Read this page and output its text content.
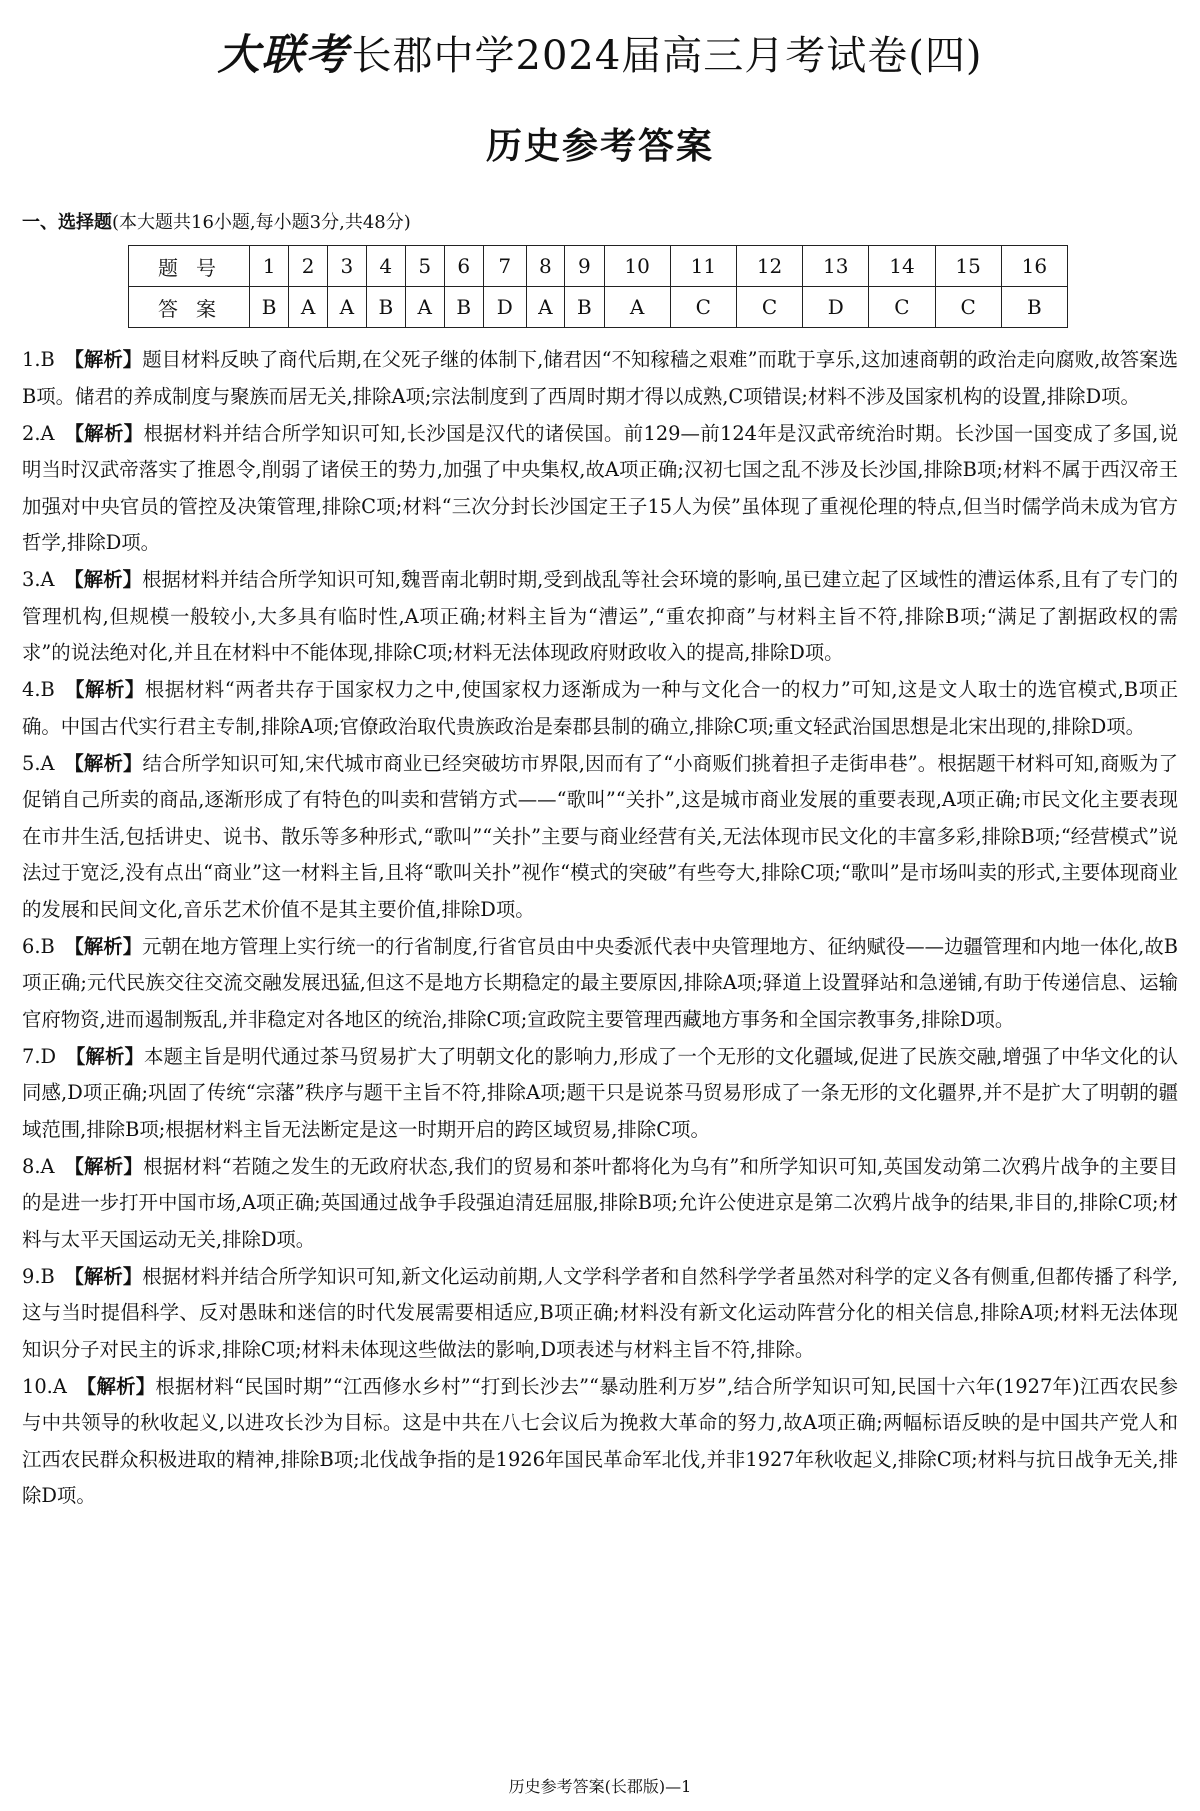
大联考长郡中学2024届高三月考试卷(四)
历史参考答案
一、选择题(本大题共16小题,每小题3分,共48分)
题号	1	2	3	4	5	6	7	8	9	10	11	12	13	14	15	16
答案	B	A	A	B	A	B	D	A	B	A	C	C	D	C	C	B
1.B  【解析】题目材料反映了商代后期,在父死子继的体制下,储君因“不知稼穑之艰难”而耽于享乐,这加速商朝的政治走向腐败,故答案选B项。储君的养成制度与聚族而居无关,排除A项;宗法制度到了西周时期才得以成熟,C项错误;材料不涉及国家机构的设置,排除D项。
2.A  【解析】根据材料并结合所学知识可知,长沙国是汉代的诸侯国。前129—前124年是汉武帝统治时期。长沙国一国变成了多国,说明当时汉武帝落实了推恩令,削弱了诸侯王的势力,加强了中央集权,故A项正确;汉初七国之乱不涉及长沙国,排除B项;材料不属于西汉帝王加强对中央官员的管控及决策管理,排除C项;材料“三次分封长沙国定王子15人为侯”虽体现了重视伦理的特点,但当时儒学尚未成为官方哲学,排除D项。
3.A  【解析】根据材料并结合所学知识可知,魏晋南北朝时期,受到战乱等社会环境的影响,虽已建立起了区域性的漕运体系,且有了专门的管理机构,但规模一般较小,大多具有临时性,A项正确;材料主旨为“漕运”,“重农抑商”与材料主旨不符,排除B项;“满足了割据政权的需求”的说法绝对化,并且在材料中不能体现,排除C项;材料无法体现政府财政收入的提高,排除D项。
4.B  【解析】根据材料“两者共存于国家权力之中,使国家权力逐渐成为一种与文化合一的权力”可知,这是文人取士的选官模式,B项正确。中国古代实行君主专制,排除A项;官僚政治取代贵族政治是秦郡县制的确立,排除C项;重文轻武治国思想是北宋出现的,排除D项。
5.A  【解析】结合所学知识可知,宋代城市商业已经突破坊市界限,因而有了“小商贩们挑着担子走街串巷”。根据题干材料可知,商贩为了促销自己所卖的商品,逐渐形成了有特色的叫卖和营销方式——“歌叫”“关扑”,这是城市商业发展的重要表现,A项正确;市民文化主要表现在市井生活,包括讲史、说书、散乐等多种形式,“歌叫”“关扑”主要与商业经营有关,无法体现市民文化的丰富多彩,排除B项;“经营模式”说法过于宽泛,没有点出“商业”这一材料主旨,且将“歌叫关扑”视作“模式的突破”有些夸大,排除C项;“歌叫”是市场叫卖的形式,主要体现商业的发展和民间文化,音乐艺术价值不是其主要价值,排除D项。
6.B  【解析】元朝在地方管理上实行统一的行省制度,行省官员由中央委派代表中央管理地方、征纳赋役——边疆管理和内地一体化,故B项正确;元代民族交往交流交融发展迅猛,但这不是地方长期稳定的最主要原因,排除A项;驿道上设置驿站和急递铺,有助于传递信息、运输官府物资,进而遏制叛乱,并非稳定对各地区的统治,排除C项;宣政院主要管理西藏地方事务和全国宗教事务,排除D项。
7.D  【解析】本题主旨是明代通过茶马贸易扩大了明朝文化的影响力,形成了一个无形的文化疆域,促进了民族交融,增强了中华文化的认同感,D项正确;巩固了传统“宗藩”秩序与题干主旨不符,排除A项;题干只是说茶马贸易形成了一条无形的文化疆界,并不是扩大了明朝的疆域范围,排除B项;根据材料主旨无法断定是这一时期开启的跨区域贸易,排除C项。
8.A  【解析】根据材料“若随之发生的无政府状态,我们的贸易和茶叶都将化为乌有”和所学知识可知,英国发动第二次鸦片战争的主要目的是进一步打开中国市场,A项正确;英国通过战争手段强迫清廷屈服,排除B项;允许公使进京是第二次鸦片战争的结果,非目的,排除C项;材料与太平天国运动无关,排除D项。
9.B  【解析】根据材料并结合所学知识可知,新文化运动前期,人文学科学者和自然科学学者虽然对科学的定义各有侧重,但都传播了科学,这与当时提倡科学、反对愚昧和迷信的时代发展需要相适应,B项正确;材料没有新文化运动阵营分化的相关信息,排除A项;材料无法体现知识分子对民主的诉求,排除C项;材料未体现这些做法的影响,D项表述与材料主旨不符,排除。
10.A  【解析】根据材料“民国时期”“江西修水乡村”“打到长沙去”“暴动胜利万岁”,结合所学知识可知,民国十六年(1927年)江西农民参与中共领导的秋收起义,以进攻长沙为目标。这是中共在八七会议后为挽救大革命的努力,故A项正确;两幅标语反映的是中国共产党人和江西农民群众积极进取的精神,排除B项;北伐战争指的是1926年国民革命军北伐,并非1927年秋收起义,排除C项;材料与抗日战争无关,排除D项。
历史参考答案(长郡版)—1
